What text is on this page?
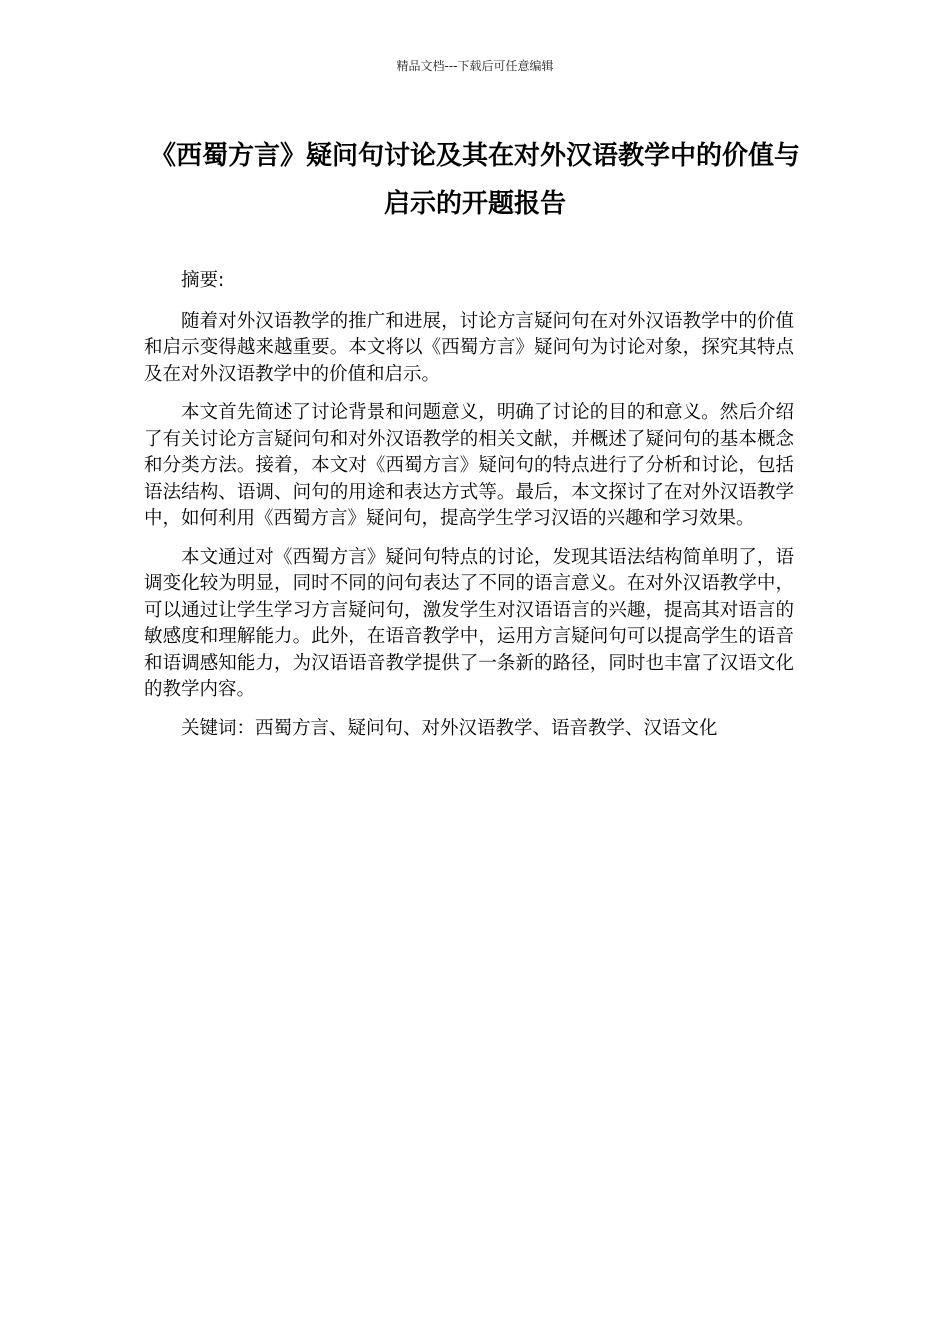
精品文档---下载后可任意编辑
《西蜀方言》疑问句讨论及其在对外汉语教学中的价值与启示的开题报告

摘要:

随着对外汉语教学的推广和进展，讨论方言疑问句在对外汉语教学中的价值和启示变得越来越重要。本文将以《西蜀方言》疑问句为讨论对象，探究其特点及在对外汉语教学中的价值和启示。

本文首先简述了讨论背景和问题意义，明确了讨论的目的和意义。然后介绍了有关讨论方言疑问句和对外汉语教学的相关文献，并概述了疑问句的基本概念和分类方法。接着，本文对《西蜀方言》疑问句的特点进行了分析和讨论，包括语法结构、语调、问句的用途和表达方式等。最后，本文探讨了在对外汉语教学中，如何利用《西蜀方言》疑问句，提高学生学习汉语的兴趣和学习效果。

本文通过对《西蜀方言》疑问句特点的讨论，发现其语法结构简单明了，语调变化较为明显，同时不同的问句表达了不同的语言意义。在对外汉语教学中，可以通过让学生学习方言疑问句，激发学生对汉语语言的兴趣，提高其对语言的敏感度和理解能力。此外，在语音教学中，运用方言疑问句可以提高学生的语音和语调感知能力，为汉语语音教学提供了一条新的路径，同时也丰富了汉语文化的教学内容。

关键词：西蜀方言、疑问句、对外汉语教学、语音教学、汉语文化
